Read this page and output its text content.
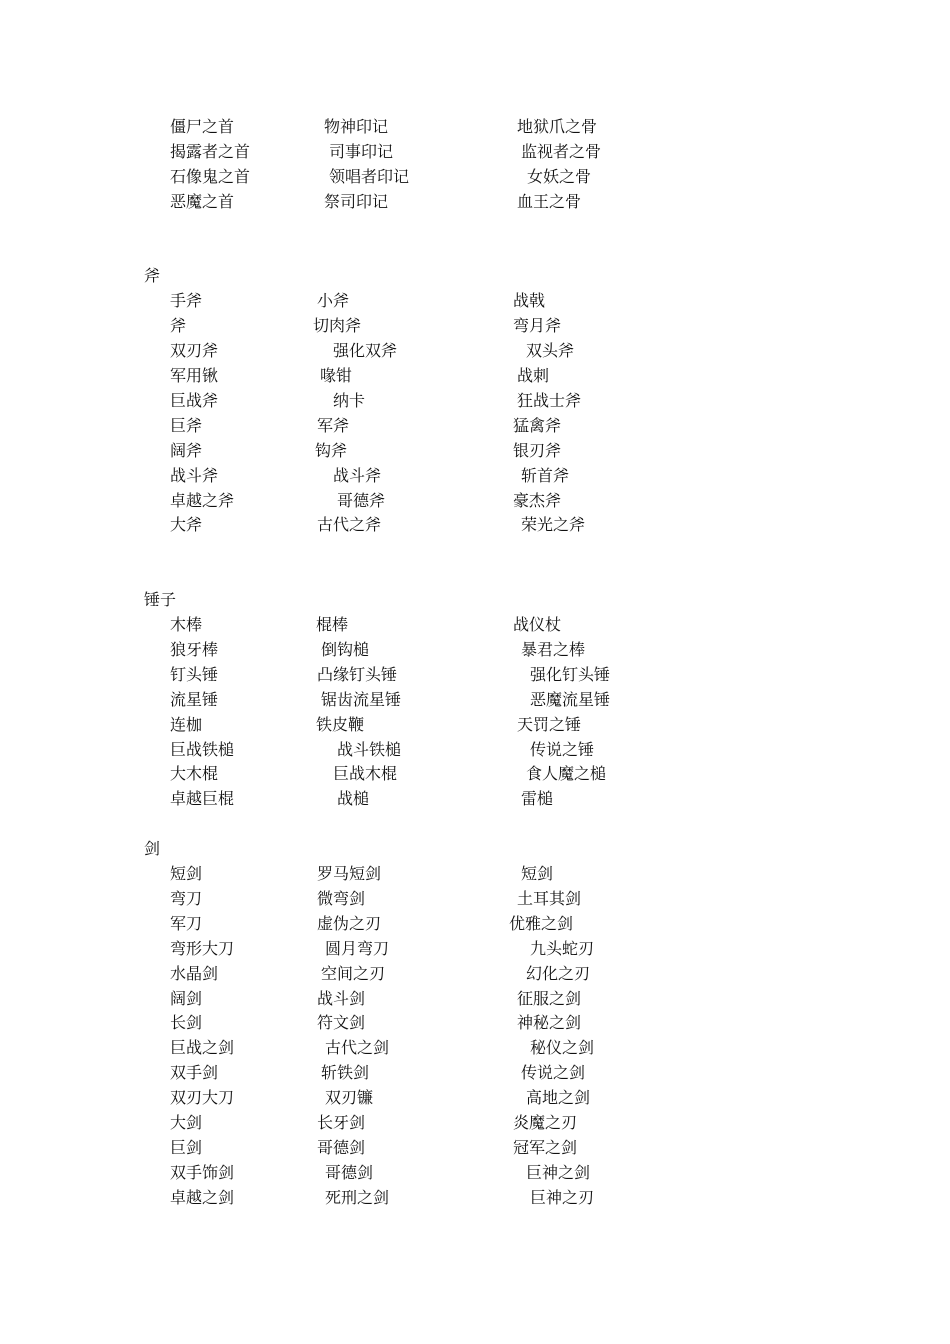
僵尸之首	物神印记	地狱爪之骨
揭露者之首	司事印记	监视者之骨
石像鬼之首	领唱者印记	女妖之骨
恶魔之首	祭司印记	血王之骨
斧
手斧	小斧	战戟
斧	切肉斧	弯月斧
双刃斧	强化双斧	双头斧
军用锹	喙钳	战刺
巨战斧	纳卡	狂战士斧
巨斧	军斧	猛禽斧
阔斧	钩斧	银刃斧
战斗斧	战斗斧	斩首斧
卓越之斧	哥德斧	豪杰斧
大斧	古代之斧	荣光之斧
锤子
木棒	棍棒	战仪杖
狼牙棒	倒钩槌	暴君之棒
钉头锤	凸缘钉头锤	强化钉头锤
流星锤	锯齿流星锤	恶魔流星锤
连枷	铁皮鞭	天罚之锤
巨战铁槌	战斗铁槌	传说之锤
大木棍	巨战木棍	食人魔之槌
卓越巨棍	战槌	雷槌
剑
短剑	罗马短剑	短剑
弯刀	微弯剑	土耳其剑
军刀	虚伪之刃	优雅之剑
弯形大刀	圆月弯刀	九头蛇刃
水晶剑	空间之刃	幻化之刃
阔剑	战斗剑	征服之剑
长剑	符文剑	神秘之剑
巨战之剑	古代之剑	秘仪之剑
双手剑	斩铁剑	传说之剑
双刃大刀	双刃镰	高地之剑
大剑	长牙剑	炎魔之刃
巨剑	哥德剑	冠军之剑
双手饰剑	哥德剑	巨神之剑
卓越之剑	死刑之剑	巨神之刃
